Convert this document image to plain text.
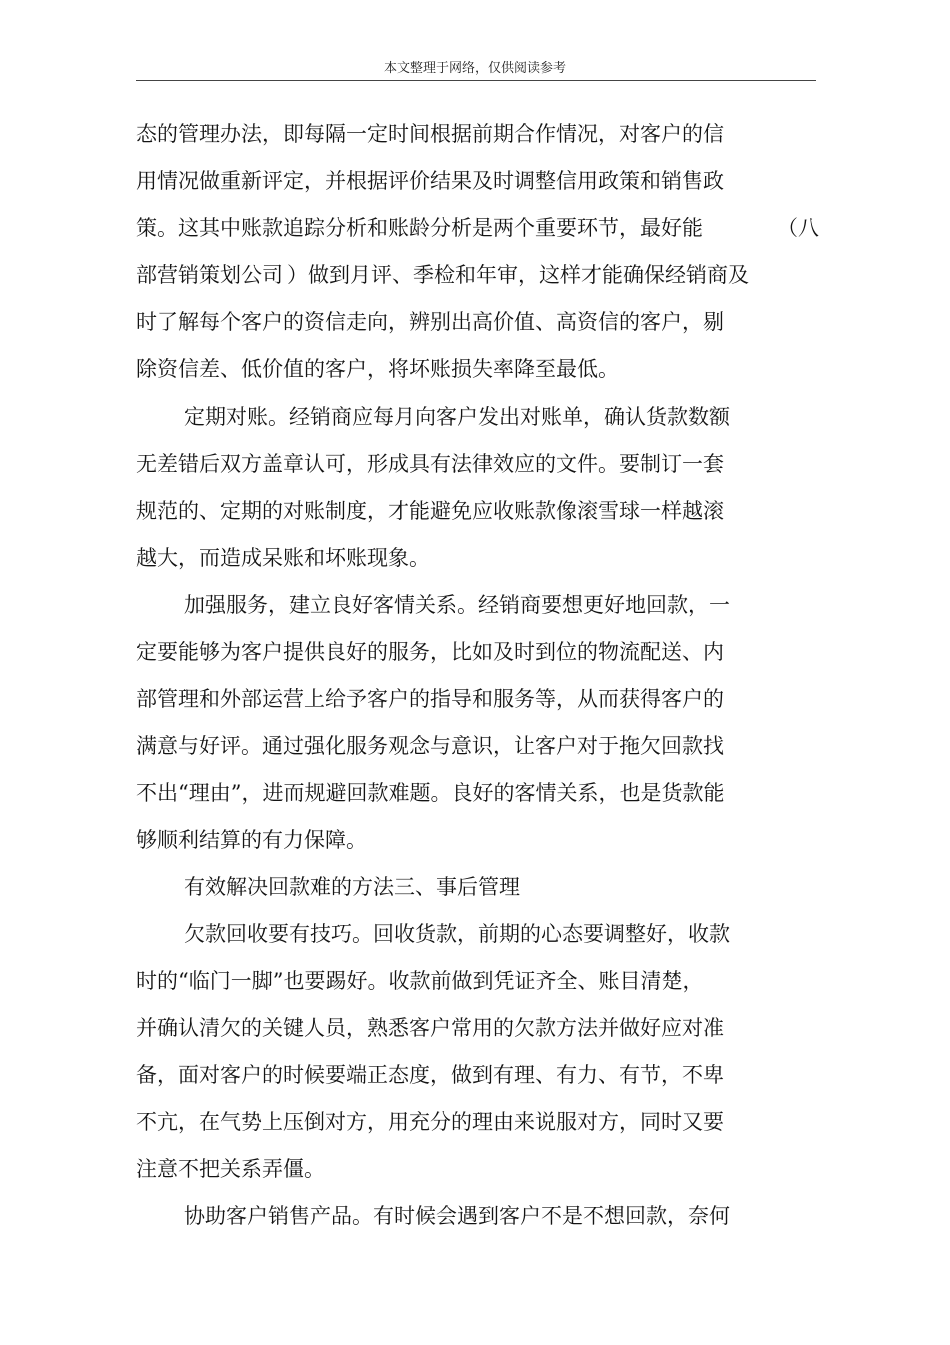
本文整理于网络，仅供阅读参考
态的管理办法，即每隔一定时间根据前期合作情况，对客户的信
用情况做重新评定，并根据评价结果及时调整信用政策和销售政
策。这其中账款追踪分析和账龄分析是两个重要环节，最好能	（八
部营销策划公司 ）做到月评、季检和年审，这样才能确保经销商及
时了解每个客户的资信走向，辨别出高价值、高资信的客户，剔
除资信差、低价值的客户，将坏账损失率降至最低。
定期对账。经销商应每月向客户发出对账单，确认货款数额
无差错后双方盖章认可，形成具有法律效应的文件。要制订一套
规范的、定期的对账制度，才能避免应收账款像滚雪球一样越滚
越大，而造成呆账和坏账现象。
加强服务，建立良好客情关系。经销商要想更好地回款，一
定要能够为客户提供良好的服务，比如及时到位的物流配送、内
部管理和外部运营上给予客户的指导和服务等，从而获得客户的
满意与好评。通过强化服务观念与意识，让客户对于拖欠回款找
不出“理由”，进而规避回款难题。良好的客情关系，也是货款能
够顺利结算的有力保障。
有效解决回款难的方法三、事后管理
欠款回收要有技巧。回收货款，前期的心态要调整好，收款
时的“临门一脚”也要踢好。收款前做到凭证齐全、账目清楚，
并确认清欠的关键人员，熟悉客户常用的欠款方法并做好应对准
备，面对客户的时候要端正态度，做到有理、有力、有节，不卑
不亢，在气势上压倒对方，用充分的理由来说服对方，同时又要
注意不把关系弄僵。
协助客户销售产品。有时候会遇到客户不是不想回款，奈何
